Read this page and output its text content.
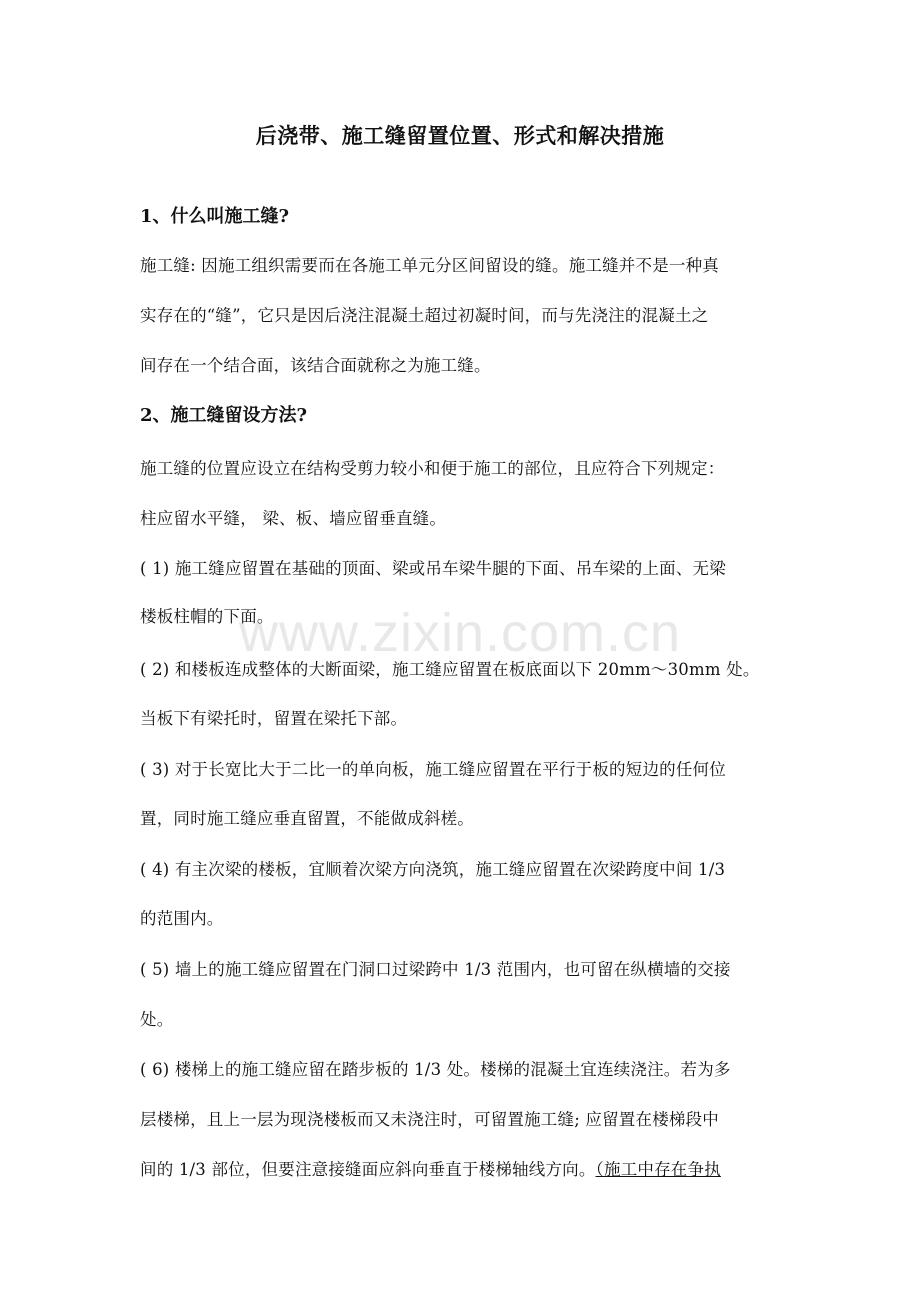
后浇带、施工缝留置位置、形式和解决措施
1、什么叫施工缝?
施工缝: 因施工组织需要而在各施工单元分区间留设的缝。施工缝并不是一种真
实存在的“缝”，它只是因后浇注混凝土超过初凝时间，而与先浇注的混凝土之
间存在一个结合面，该结合面就称之为施工缝。
2、施工缝留设方法?
施工缝的位置应设立在结构受剪力较小和便于施工的部位，且应符合下列规定：
柱应留水平缝， 梁、板、墙应留垂直缝。
( 1) 施工缝应留置在基础的顶面、梁或吊车梁牛腿的下面、吊车梁的上面、无梁
楼板柱帽的下面。
( 2) 和楼板连成整体的大断面梁，施工缝应留置在板底面以下 20mm～30mm 处。
当板下有梁托时，留置在梁托下部。
( 3) 对于长宽比大于二比一的单向板，施工缝应留置在平行于板的短边的任何位
置，同时施工缝应垂直留置，不能做成斜槎。
( 4) 有主次梁的楼板，宜顺着次梁方向浇筑，施工缝应留置在次梁跨度中间 1/3
的范围内。
( 5) 墙上的施工缝应留置在门洞口过梁跨中 1/3 范围内，也可留在纵横墙的交接
处。
( 6) 楼梯上的施工缝应留在踏步板的 1/3 处。楼梯的混凝土宜连续浇注。若为多
层楼梯，且上一层为现浇楼板而又未浇注时，可留置施工缝; 应留置在楼梯段中
间的 1/3 部位，但要注意接缝面应斜向垂直于楼梯轴线方向。（施工中存在争执
www.zixin.com.cn
